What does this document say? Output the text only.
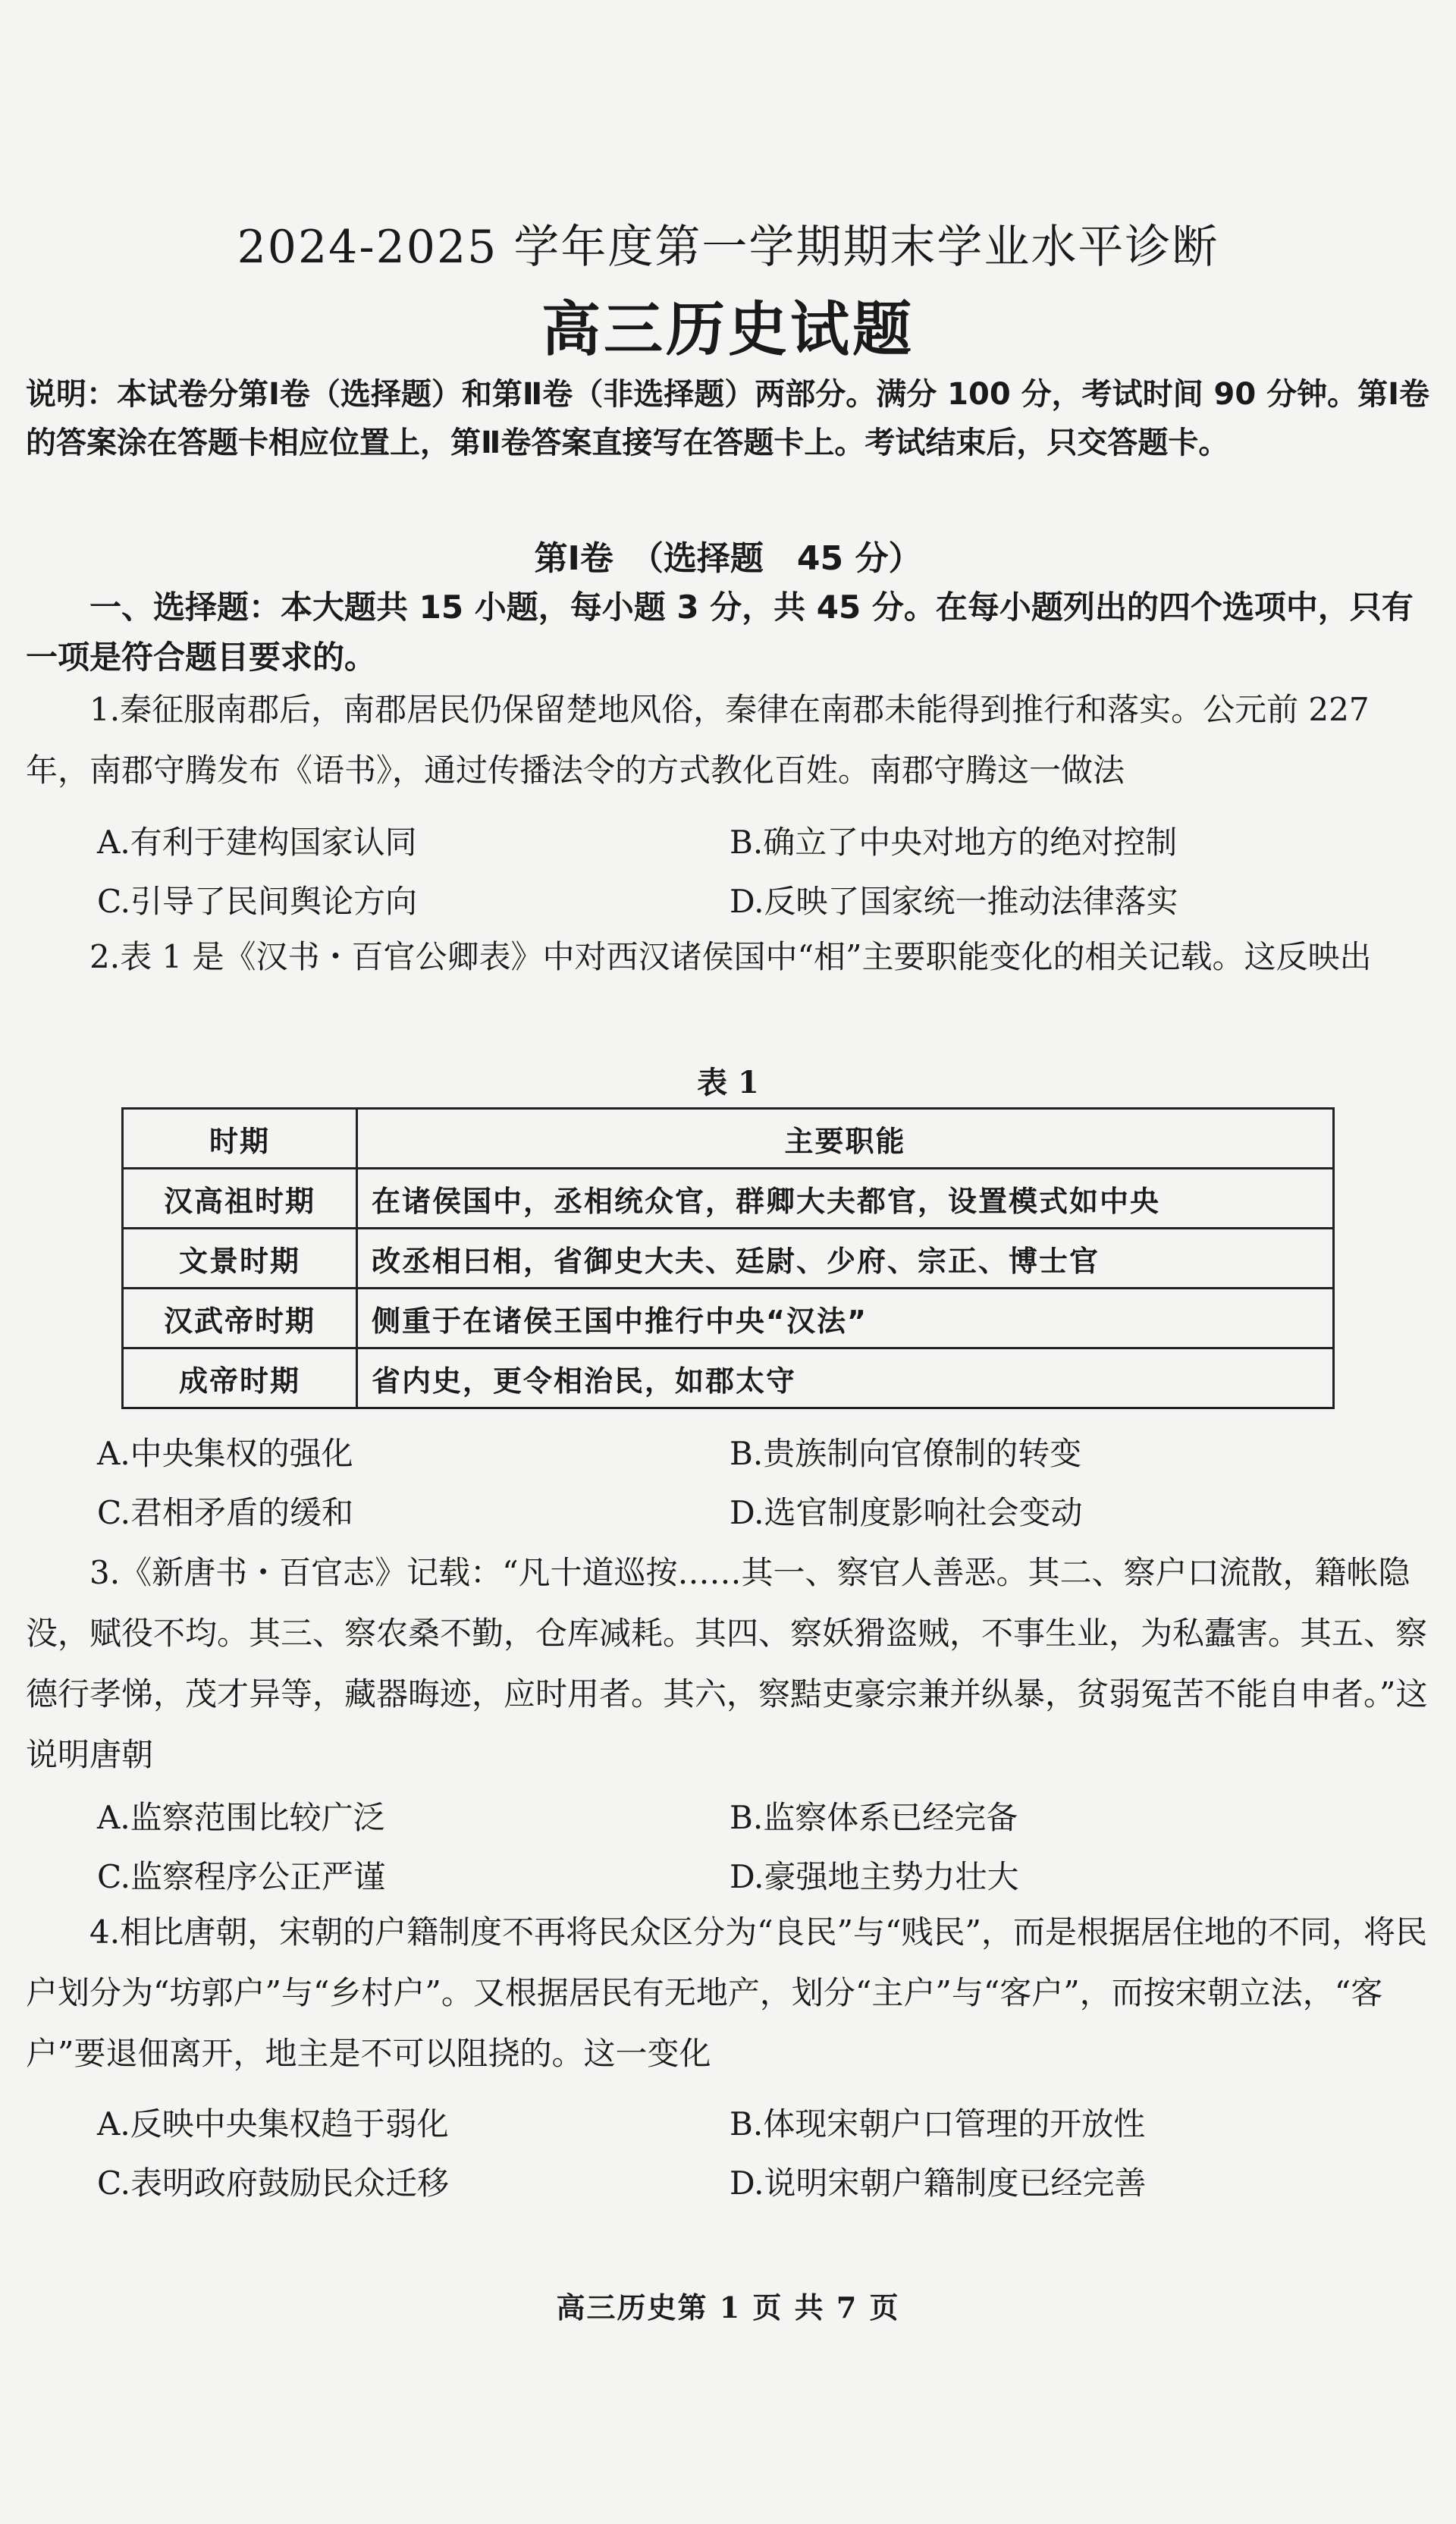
2024-2025 学年度第一学期期末学业水平诊断
高三历史试题
说明：本试卷分第Ⅰ卷（选择题）和第Ⅱ卷（非选择题）两部分。满分 100 分，考试时间 90 分钟。第Ⅰ卷的答案涂在答题卡相应位置上，第Ⅱ卷答案直接写在答题卡上。考试结束后，只交答题卡。
第Ⅰ卷　（选择题　45 分）
一、选择题：本大题共 15 小题，每小题 3 分，共 45 分。在每小题列出的四个选项中，只有一项是符合题目要求的。
1.秦征服南郡后，南郡居民仍保留楚地风俗，秦律在南郡未能得到推行和落实。公元前 227 年，南郡守腾发布《语书》，通过传播法令的方式教化百姓。南郡守腾这一做法
A.有利于建构国家认同	B.确立了中央对地方的绝对控制
C.引导了民间舆论方向	D.反映了国家统一推动法律落实
2.表 1 是《汉书・百官公卿表》中对西汉诸侯国中“相”主要职能变化的相关记载。这反映出
表 1
时期	主要职能
汉高祖时期	在诸侯国中，丞相统众官，群卿大夫都官，设置模式如中央
文景时期	改丞相曰相，省御史大夫、廷尉、少府、宗正、博士官
汉武帝时期	侧重于在诸侯王国中推行中央“汉法”
成帝时期	省内史，更令相治民，如郡太守
A.中央集权的强化	B.贵族制向官僚制的转变
C.君相矛盾的缓和	D.选官制度影响社会变动
3.《新唐书・百官志》记载：“凡十道巡按……其一、察官人善恶。其二、察户口流散，籍帐隐没，赋役不均。其三、察农桑不勤，仓库减耗。其四、察妖猾盗贼，不事生业，为私蠹害。其五、察德行孝悌，茂才异等，藏器晦迹，应时用者。其六，察黠吏豪宗兼并纵暴，贫弱冤苦不能自申者。”这说明唐朝
A.监察范围比较广泛	B.监察体系已经完备
C.监察程序公正严谨	D.豪强地主势力壮大
4.相比唐朝，宋朝的户籍制度不再将民众区分为“良民”与“贱民”，而是根据居住地的不同，将民户划分为“坊郭户”与“乡村户”。又根据居民有无地产，划分“主户”与“客户”，而按宋朝立法，“客户”要退佃离开，地主是不可以阻挠的。这一变化
A.反映中央集权趋于弱化	B.体现宋朝户口管理的开放性
C.表明政府鼓励民众迁移	D.说明宋朝户籍制度已经完善
高三历史第 1 页 共 7 页
